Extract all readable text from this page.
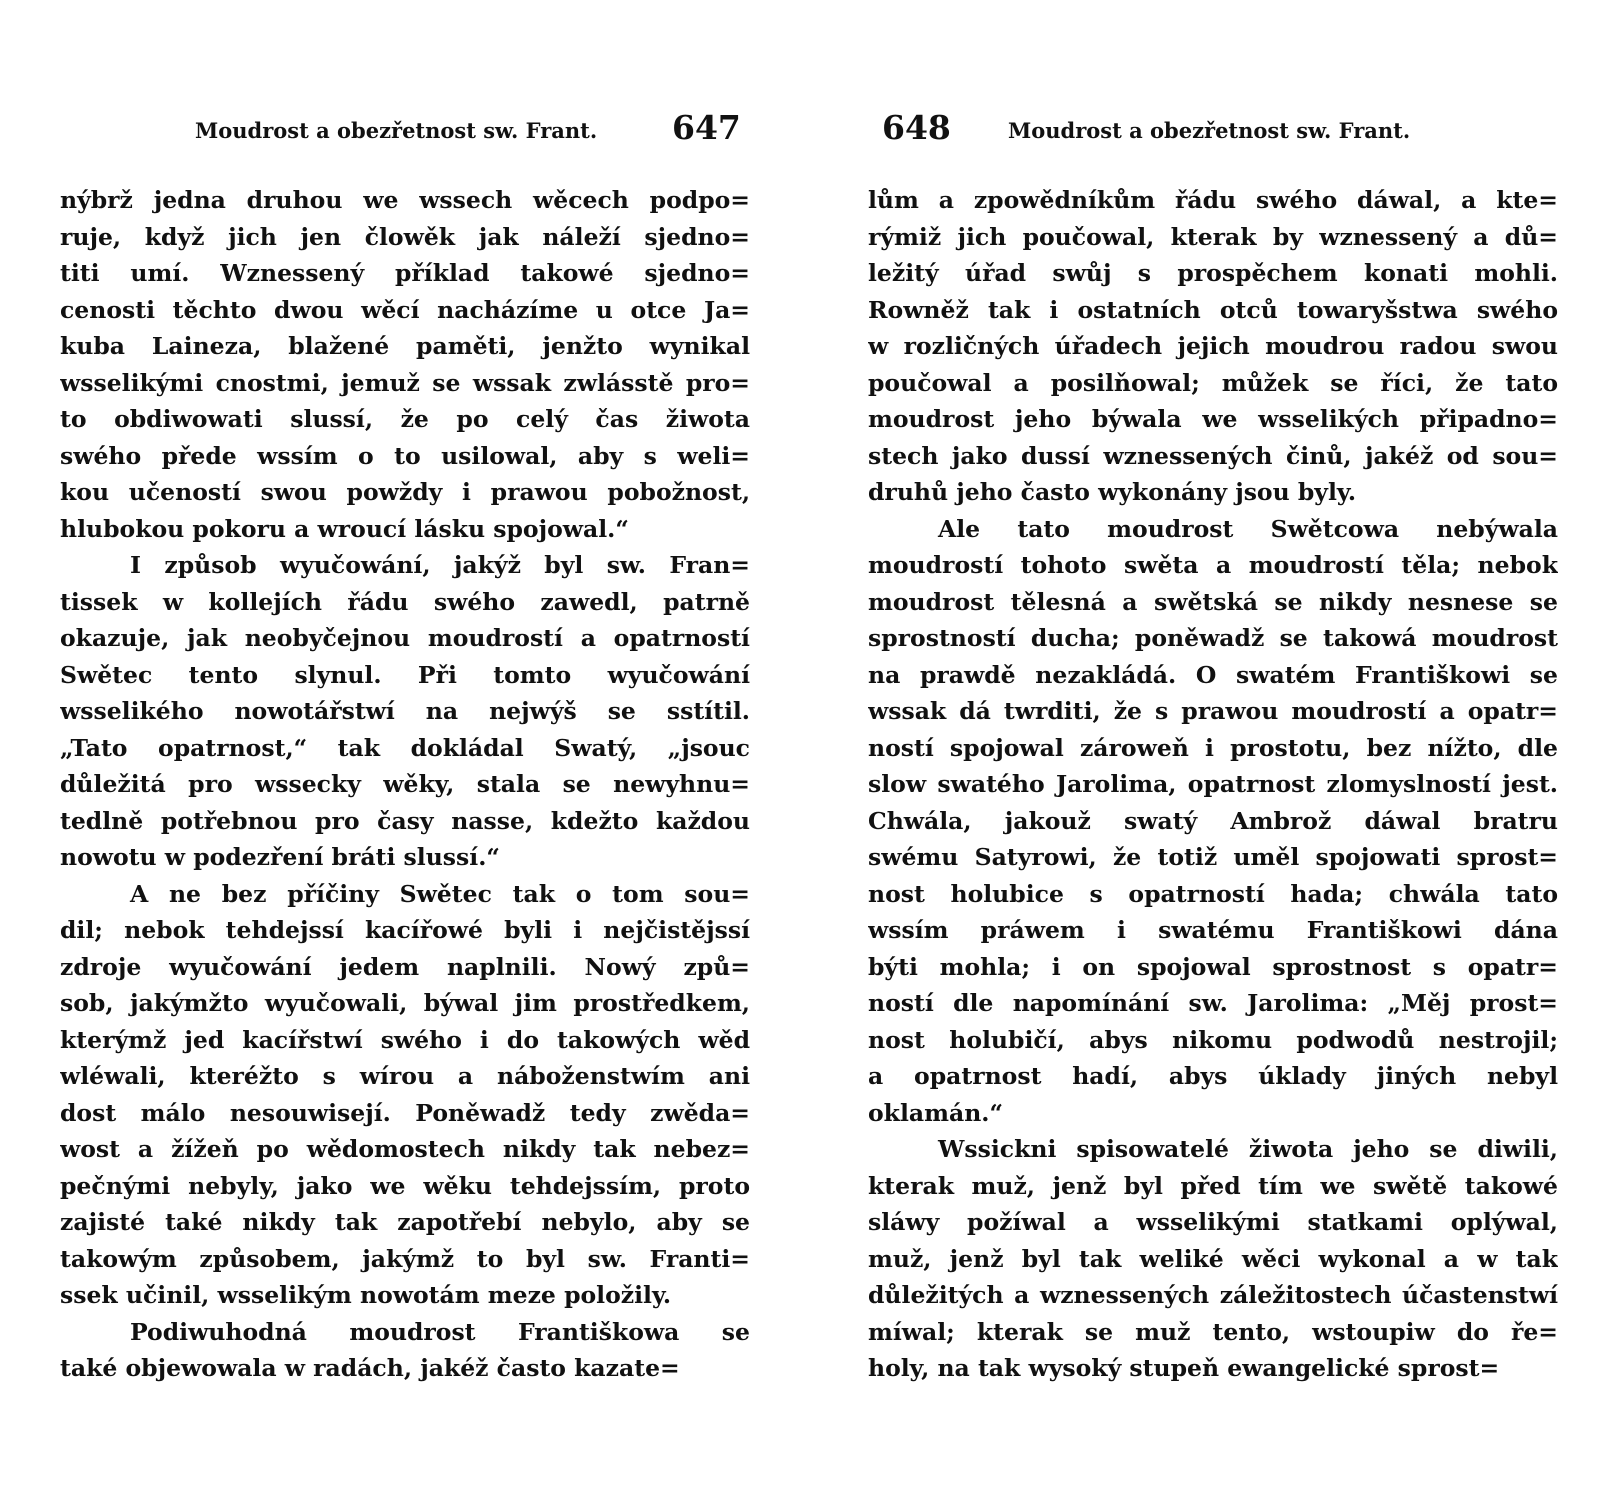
Moudrost a obezřetnost sw. Frant. 647
nýbrž jedna druhou we wssech wěcech podpo=
ruje, když jich jen člowěk jak náleží sjedno=
titi umí. Wznessený příklad takowé sjedno=
cenosti těchto dwou wěcí nacházíme u otce Ja=
kuba Laineza, blažené paměti, jenžto wynikal
wsselikými cnostmi, jemuž se wssak zwlásstě pro=
to obdiwowati slussí, že po celý čas žiwota
swého přede wssím o to usilowal, aby s weli=
kou učeností swou powždy i prawou pobožnost,
hlubokou pokoru a wroucí lásku spojowal.“
I způsob wyučowání, jakýž byl sw. Fran=
tissek w kollejích řádu swého zawedl, patrně
okazuje, jak neobyčejnou moudrostí a opatrností
Swětec tento slynul. Při tomto wyučowání
wsselikého nowotářstwí na nejwýš se sstítil.
„Tato opatrnost,“ tak dokládal Swatý, „jsouc
důležitá pro wssecky wěky, stala se newyhnu=
tedlně potřebnou pro časy nasse, kdežto každou
nowotu w podezření bráti slussí.“
A ne bez příčiny Swětec tak o tom sou=
dil; nebok tehdejssí kacířowé byli i nejčistějssí
zdroje wyučowání jedem naplnili. Nowý způ=
sob, jakýmžto wyučowali, býwal jim prostředkem,
kterýmž jed kacířstwí swého i do takowých wěd
wléwali, kteréžto s wírou a náboženstwím ani
dost málo nesouwisejí. Poněwadž tedy zwěda=
wost a žížeň po wědomostech nikdy tak nebez=
pečnými nebyly, jako we wěku tehdejssím, proto
zajisté také nikdy tak zapotřebí nebylo, aby se
takowým způsobem, jakýmž to byl sw. Franti=
ssek učinil, wsselikým nowotám meze položily.
Podiwuhodná moudrost Františkowa se
také objewowala w radách, jakéž často kazate=
648	Moudrost a obezřetnost sw. Frant.
lům a zpowědníkům řádu swého dáwal, a kte=
rýmiž jich poučowal, kterak by wznessený a dů=
ležitý úřad swůj s prospěchem konati mohli.
Rowněž tak i ostatních otců towaryšstwa swého
w rozličných úřadech jejich moudrou radou swou
poučowal a posilňowal; můžek se říci, že tato
moudrost jeho býwala we wsselikých připadno=
stech jako dussí wznessených činů, jakéž od sou=
druhů jeho často wykonány jsou byly.
Ale tato moudrost Swětcowa nebýwala
moudrostí tohoto swěta a moudrostí těla; nebok
moudrost tělesná a swětská se nikdy nesnese se
sprostností ducha; poněwadž se takowá moudrost
na prawdě nezakládá. O swatém Františkowi se
wssak dá twrditi, že s prawou moudrostí a opatr=
ností spojowal zároweň i prostotu, bez nížto, dle
slow swatého Jarolima, opatrnost zlomyslností jest.
Chwála, jakouž swatý Ambrož dáwal bratru
swému Satyrowi, že totiž uměl spojowati sprost=
nost holubice s opatrností hada; chwála tato
wssím práwem i swatému Františkowi dána
býti mohla; i on spojowal sprostnost s opatr=
ností dle napomínání sw. Jarolima: „Měj prost=
nost holubičí, abys nikomu podwodů nestrojil;
a opatrnost hadí, abys úklady jiných nebyl
oklamán.“
Wssickni spisowatelé žiwota jeho se diwili,
kterak muž, jenž byl před tím we swětě takowé
sláwy požíwal a wsselikými statkami oplýwal,
muž, jenž byl tak weliké wěci wykonal a w tak
důležitých a wznessených záležitostech účastenstwí
míwal; kterak se muž tento, wstoupiw do ře=
holy, na tak wysoký stupeň ewangelické sprost=
